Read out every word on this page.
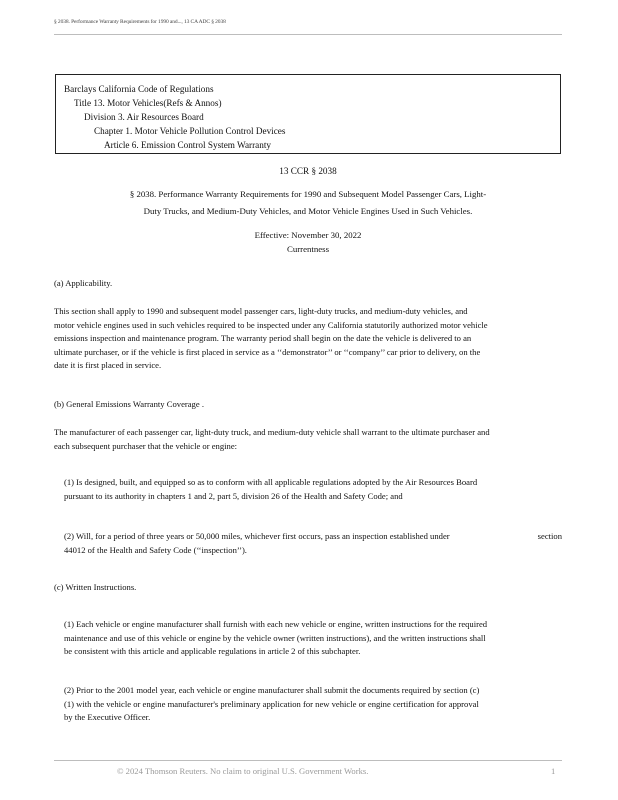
§ 2038. Performance Warranty Requirements for 1990 and..., 13 CA ADC § 2038
Barclays California Code of Regulations
Title 13. Motor Vehicles(Refs & Annos)
Division 3. Air Resources Board
Chapter 1. Motor Vehicle Pollution Control Devices
Article 6. Emission Control System Warranty
13 CCR § 2038
§ 2038. Performance Warranty Requirements for 1990 and Subsequent Model Passenger Cars, Light-
Duty Trucks, and Medium-Duty Vehicles, and Motor Vehicle Engines Used in Such Vehicles.
Effective: November 30, 2022
Currentness
(a) Applicability.
This section shall apply to 1990 and subsequent model passenger cars, light-duty trucks, and medium-duty vehicles, and
motor vehicle engines used in such vehicles required to be inspected under any California statutorily authorized motor vehicle
emissions inspection and maintenance program. The warranty period shall begin on the date the vehicle is delivered to an
ultimate purchaser, or if the vehicle is first placed in service as a ‘‘demonstrator’’ or ‘‘company’’ car prior to delivery, on the
date it is first placed in service.
(b) General Emissions Warranty Coverage .
The manufacturer of each passenger car, light-duty truck, and medium-duty vehicle shall warrant to the ultimate purchaser and
each subsequent purchaser that the vehicle or engine:
(1) Is designed, built, and equipped so as to conform with all applicable regulations adopted by the Air Resources Board
pursuant to its authority in chapters 1 and 2, part 5, division 26 of the Health and Safety Code; and
(2) Will, for a period of three years or 50,000 miles, whichever first occurs, pass an inspection established under	section
44012 of the Health and Safety Code (‘‘inspection’’).
(c) Written Instructions.
(1) Each vehicle or engine manufacturer shall furnish with each new vehicle or engine, written instructions for the required
maintenance and use of this vehicle or engine by the vehicle owner (written instructions), and the written instructions shall
be consistent with this article and applicable regulations in article 2 of this subchapter.
(2) Prior to the 2001 model year, each vehicle or engine manufacturer shall submit the documents required by section (c)
(1) with the vehicle or engine manufacturer's preliminary application for new vehicle or engine certification for approval
by the Executive Officer.
© 2024 Thomson Reuters. No claim to original U.S. Government Works.	1
